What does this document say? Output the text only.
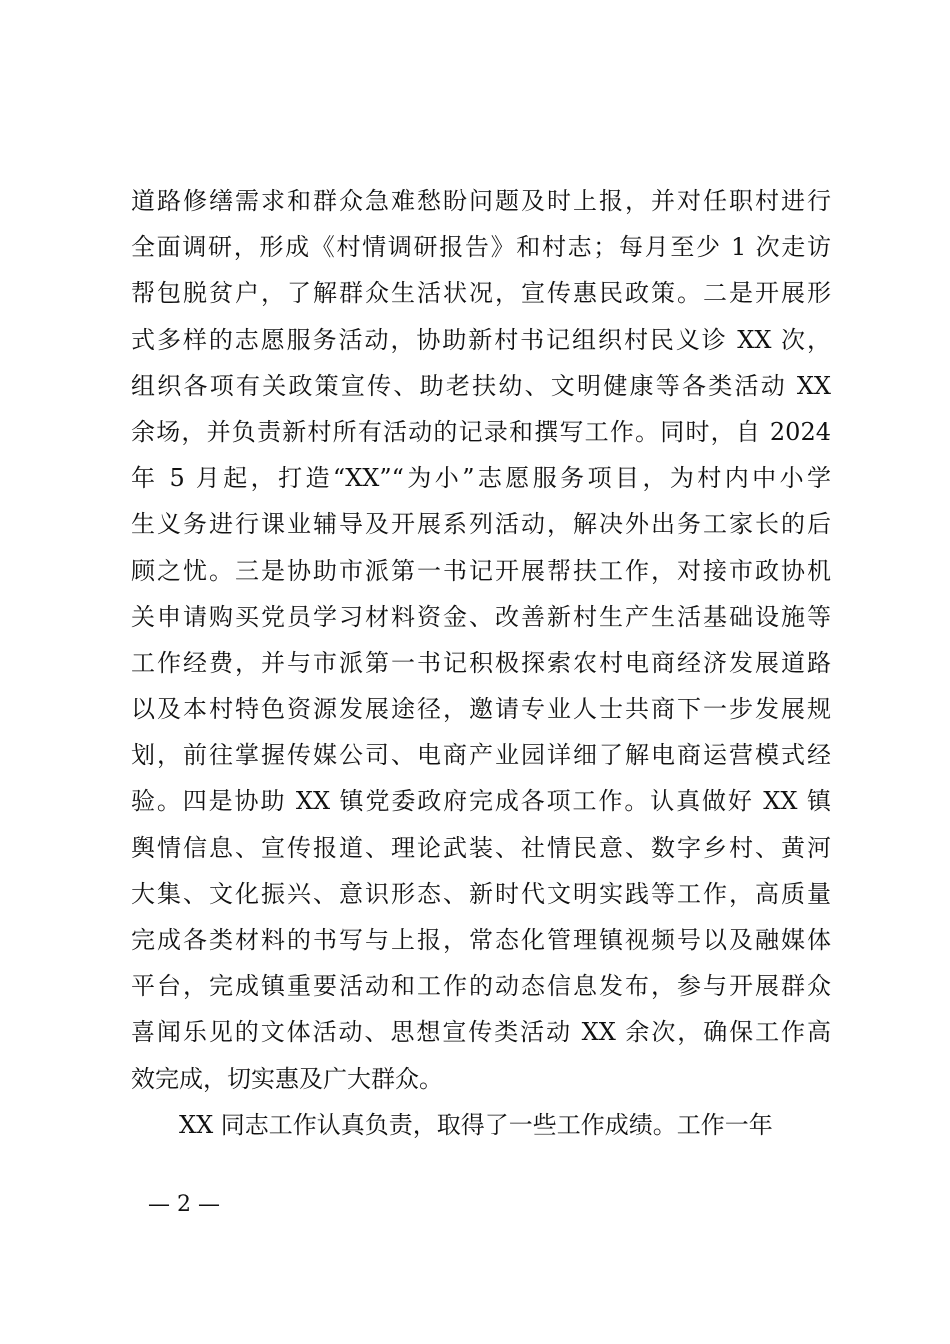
道路修缮需求和群众急难愁盼问题及时上报，并对任职村进行
全面调研，形成《村情调研报告》和村志；每月至少 1 次走访
帮包脱贫户，了解群众生活状况，宣传惠民政策。二是开展形
式多样的志愿服务活动，协助新村书记组织村民义诊 XX 次，
组织各项有关政策宣传、助老扶幼、文明健康等各类活动 XX
余场，并负责新村所有活动的记录和撰写工作。同时，自 2024
年 5 月起，打造“XX”“为小”志愿服务项目，为村内中小学
生义务进行课业辅导及开展系列活动，解决外出务工家长的后
顾之忧。三是协助市派第一书记开展帮扶工作，对接市政协机
关申请购买党员学习材料资金、改善新村生产生活基础设施等
工作经费，并与市派第一书记积极探索农村电商经济发展道路
以及本村特色资源发展途径，邀请专业人士共商下一步发展规
划，前往掌握传媒公司、电商产业园详细了解电商运营模式经
验。四是协助 XX 镇党委政府完成各项工作。认真做好 XX 镇
舆情信息、宣传报道、理论武装、社情民意、数字乡村、黄河
大集、文化振兴、意识形态、新时代文明实践等工作，高质量
完成各类材料的书写与上报，常态化管理镇视频号以及融媒体
平台，完成镇重要活动和工作的动态信息发布，参与开展群众
喜闻乐见的文体活动、思想宣传类活动 XX 余次，确保工作高
效完成，切实惠及广大群众。
XX 同志工作认真负责，取得了一些工作成绩。工作一年
— 2 —
